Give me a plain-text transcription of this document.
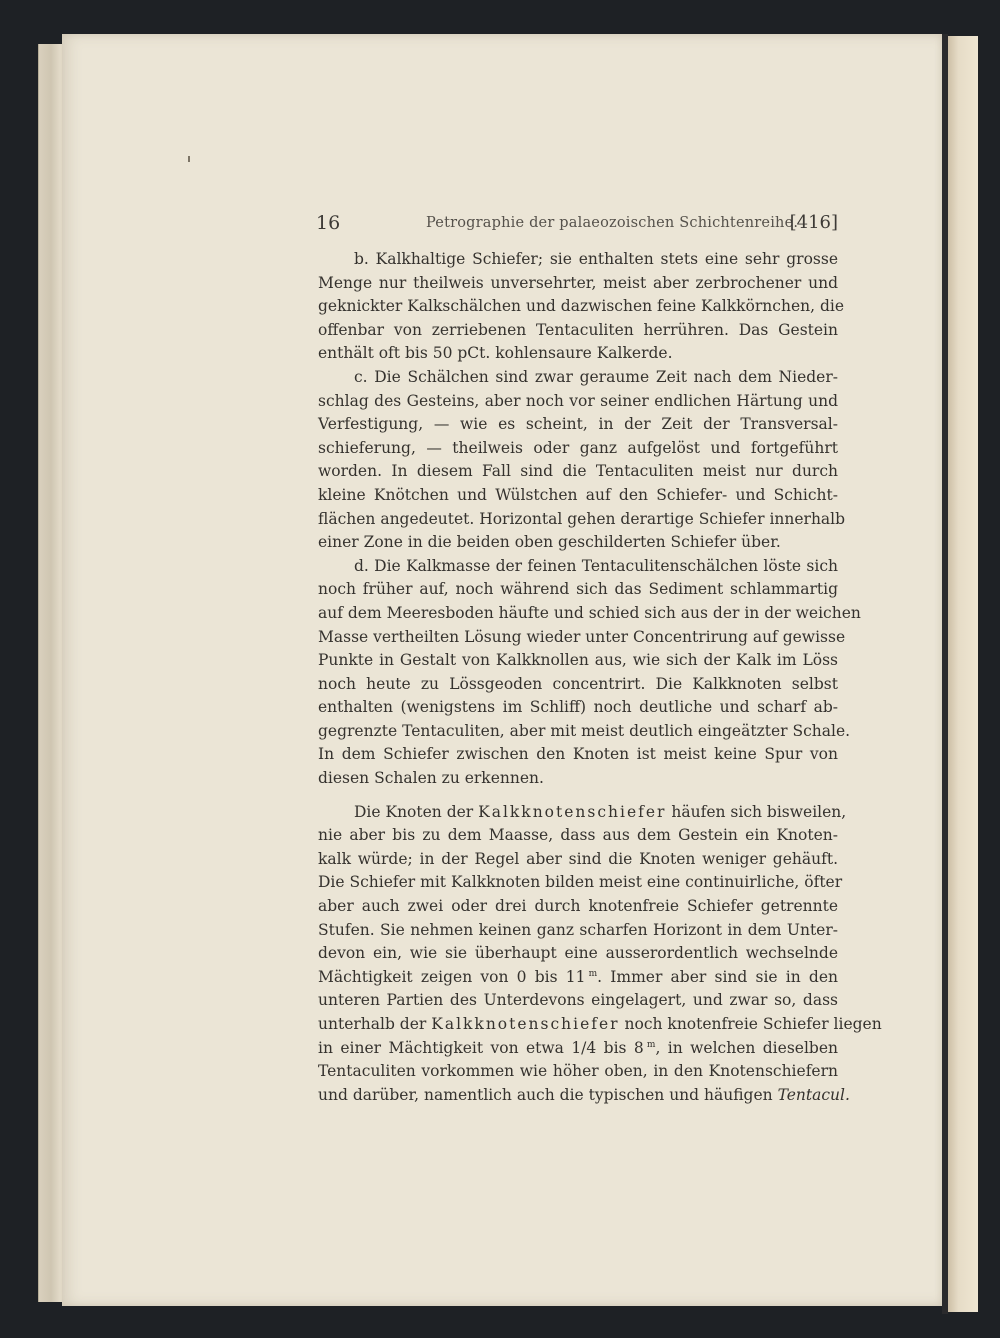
16	Petrographie der palaeozoischen Schichtenreihe.
[416]
b. Kalkhaltige Schiefer; sie enthalten stets eine sehr grosse
Menge nur theilweis unversehrter, meist aber zerbrochener und
geknickter Kalkschälchen und dazwischen feine Kalkkörnchen, die
offenbar von zerriebenen Tentaculiten herrühren. Das Gestein
enthält oft bis 50 pCt. kohlensaure Kalkerde.
c. Die Schälchen sind zwar geraume Zeit nach dem Nieder-
schlag des Gesteins, aber noch vor seiner endlichen Härtung und
Verfestigung, — wie es scheint, in der Zeit der Transversal-
schieferung, — theilweis oder ganz aufgelöst und fortgeführt
worden. In diesem Fall sind die Tentaculiten meist nur durch
kleine Knötchen und Wülstchen auf den Schiefer- und Schicht-
flächen angedeutet. Horizontal gehen derartige Schiefer innerhalb
einer Zone in die beiden oben geschilderten Schiefer über.
d. Die Kalkmasse der feinen Tentaculitenschälchen löste sich
noch früher auf, noch während sich das Sediment schlammartig
auf dem Meeresboden häufte und schied sich aus der in der weichen
Masse vertheilten Lösung wieder unter Concentrirung auf gewisse
Punkte in Gestalt von Kalkknollen aus, wie sich der Kalk im Löss
noch heute zu Lössgeoden concentrirt. Die Kalkknoten selbst
enthalten (wenigstens im Schliff) noch deutliche und scharf ab-
gegrenzte Tentaculiten, aber mit meist deutlich eingeätzter Schale.
In dem Schiefer zwischen den Knoten ist meist keine Spur von
diesen Schalen zu erkennen.
Die Knoten der Kalkknotenschiefer häufen sich bisweilen,
nie aber bis zu dem Maasse, dass aus dem Gestein ein Knoten-
kalk würde; in der Regel aber sind die Knoten weniger gehäuft.
Die Schiefer mit Kalkknoten bilden meist eine continuirliche, öfter
aber auch zwei oder drei durch knotenfreie Schiefer getrennte
Stufen. Sie nehmen keinen ganz scharfen Horizont in dem Unter-
devon ein, wie sie überhaupt eine ausserordentlich wechselnde
Mächtigkeit zeigen von 0 bis 11 $^m$. Immer aber sind sie in den
unteren Partien des Unterdevons eingelagert, und zwar so, dass
unterhalb der Kalkknotenschiefer noch knotenfreie Schiefer liegen
in einer Mächtigkeit von etwa 1/4 bis 8 $^m$, in welchen dieselben
Tentaculiten vorkommen wie höher oben, in den Knotenschiefern
und darüber, namentlich auch die typischen und häufigen Tentacul.
